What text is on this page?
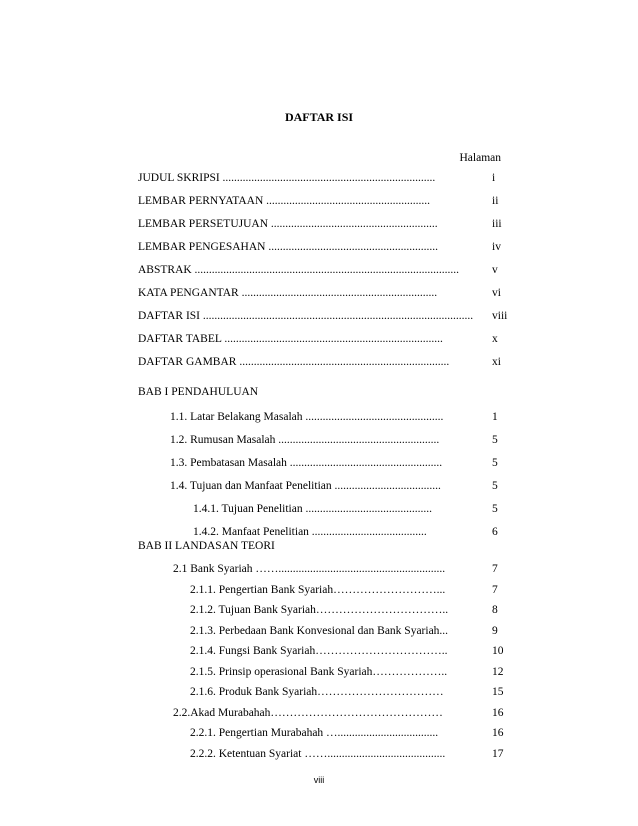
DAFTAR ISI
Halaman
JUDUL SKRIPSI ..........................................................................	i
LEMBAR PERNYATAAN .........................................................	ii
LEMBAR PERSETUJUAN ..........................................................	iii
LEMBAR PENGESAHAN ...........................................................	iv
ABSTRAK ............................................................................................	v
KATA PENGANTAR ....................................................................	vi
DAFTAR ISI .............................................................................................. viii
DAFTAR TABEL ............................................................................	x
DAFTAR GAMBAR .........................................................................	xi
BAB I PENDAHULUAN
1.1. Latar Belakang Masalah ................................................	1
1.2. Rumusan Masalah ........................................................	5
1.3. Pembatasan Masalah .....................................................	5
1.4. Tujuan dan Manfaat Penelitian .....................................	5
1.4.1. Tujuan Penelitian ............................................	5
1.4.2. Manfaat Penelitian ........................................	6
BAB II LANDASAN TEORI
2.1 Bank Syariah ……..........................................................	7
2.1.1. Pengertian Bank Syariah………………………...	7
2.1.2. Tujuan Bank Syariah……………………………..	8
2.1.3. Perbedaan Bank Konvesional dan Bank Syariah...	9
2.1.4. Fungsi Bank Syariah……………………………..	10
2.1.5. Prinsip operasional Bank Syariah………………..	12
2.1.6. Produk Bank Syariah……………………………	15
2.2.Akad Murabahah………………………………………	16
2.2.1. Pengertian Murabahah …...................................	16
2.2.2. Ketentuan Syariat …….........................................	17
viii
